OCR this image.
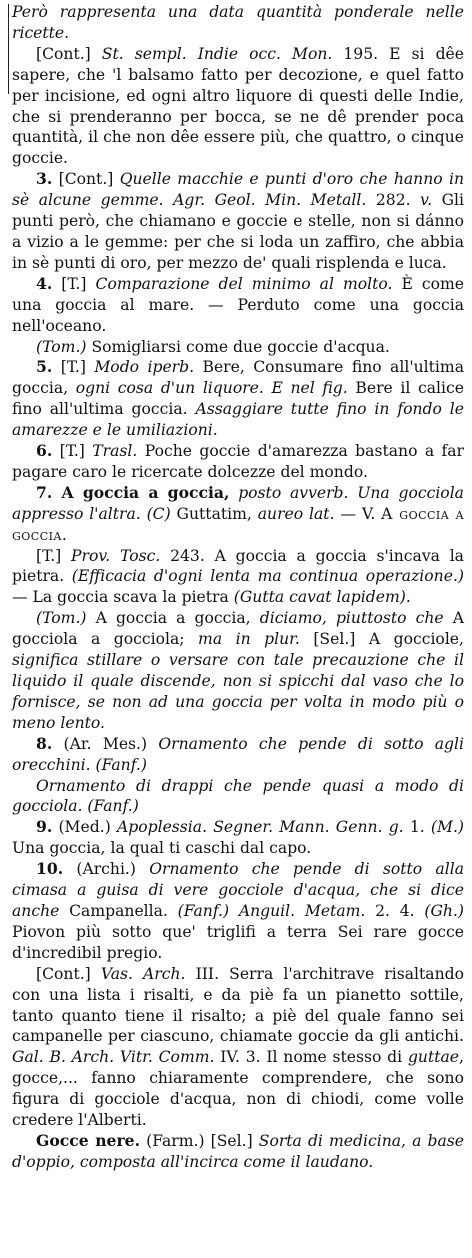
Però rappresenta una data quantità ponderale nelle ricette.

[Cont.] St. sempl. Indie occ. Mon. 195. E si dêe sapere, che 'l balsamo fatto per decozione, e quel fatto per incisione, ed ogni altro liquore di questi delle Indie, che si prenderanno per bocca, se ne dê prender poca quantità, il che non dêe essere più, che quattro, o cinque goccie.

3. [Cont.] Quelle macchie e punti d'oro che hanno in sè alcune gemme. Agr. Geol. Min. Metall. 282. v. Gli punti però, che chiamano e goccie e stelle, non si dánno a vizio a le gemme: per che si loda un zaffiro, che abbia in sè punti di oro, per mezzo de' quali risplenda e luca.

4. [T.] Comparazione del minimo al molto. È come una goccia al mare. — Perduto come una goccia nell'oceano.

(Tom.) Somigliarsi come due goccie d'acqua.

5. [T.] Modo iperb. Bere, Consumare fino all'ultima goccia, ogni cosa d'un liquore. E nel fig. Bere il calice fino all'ultima goccia. Assaggiare tutte fino in fondo le amarezze e le umiliazioni.

6. [T.] Trasl. Poche goccie d'amarezza bastano a far pagare caro le ricercate dolcezze del mondo.

7. A goccia a goccia, posto avverb. Una gocciola appresso l'altra. (C) Guttatim, aureo lat. — V. A goccia a goccia.

[T.] Prov. Tosc. 243. A goccia a goccia s'incava la pietra. (Efficacia d'ogni lenta ma continua operazione.) — La goccia scava la pietra (Gutta cavat lapidem).

(Tom.) A goccia a goccia, diciamo, piuttosto che A gocciola a gocciola; ma in plur. [Sel.] A gocciole, significa stillare o versare con tale precauzione che il liquido il quale discende, non si spicchi dal vaso che lo fornisce, se non ad una goccia per volta in modo più o meno lento.

8. (Ar. Mes.) Ornamento che pende di sotto agli orecchini. (Fanf.)

Ornamento di drappi che pende quasi a modo di gocciola. (Fanf.)

9. (Med.) Apoplessia. Segner. Mann. Genn. g. 1. (M.) Una goccia, la qual ti caschi dal capo.

10. (Archi.) Ornamento che pende di sotto alla cimasa a guisa di vere gocciole d'acqua, che si dice anche Campanella. (Fanf.) Anguil. Metam. 2. 4. (Gh.) Piovon più sotto que' triglifi a terra Sei rare gocce d'incredibil pregio.

[Cont.] Vas. Arch. III. Serra l'architrave risaltando con una lista i risalti, e da piè fa un pianetto sottile, tanto quanto tiene il risalto; a piè del quale fanno sei campanelle per ciascuno, chiamate goccie da gli antichi. Gal. B. Arch. Vitr. Comm. IV. 3. Il nome stesso di guttae, gocce,... fanno chiaramente comprendere, che sono figura di gocciole d'acqua, non di chiodi, come volle credere l'Alberti.

Gocce nere. (Farm.) [Sel.] Sorta di medicina, a base d'oppio, composta all'incirca come il laudano.
